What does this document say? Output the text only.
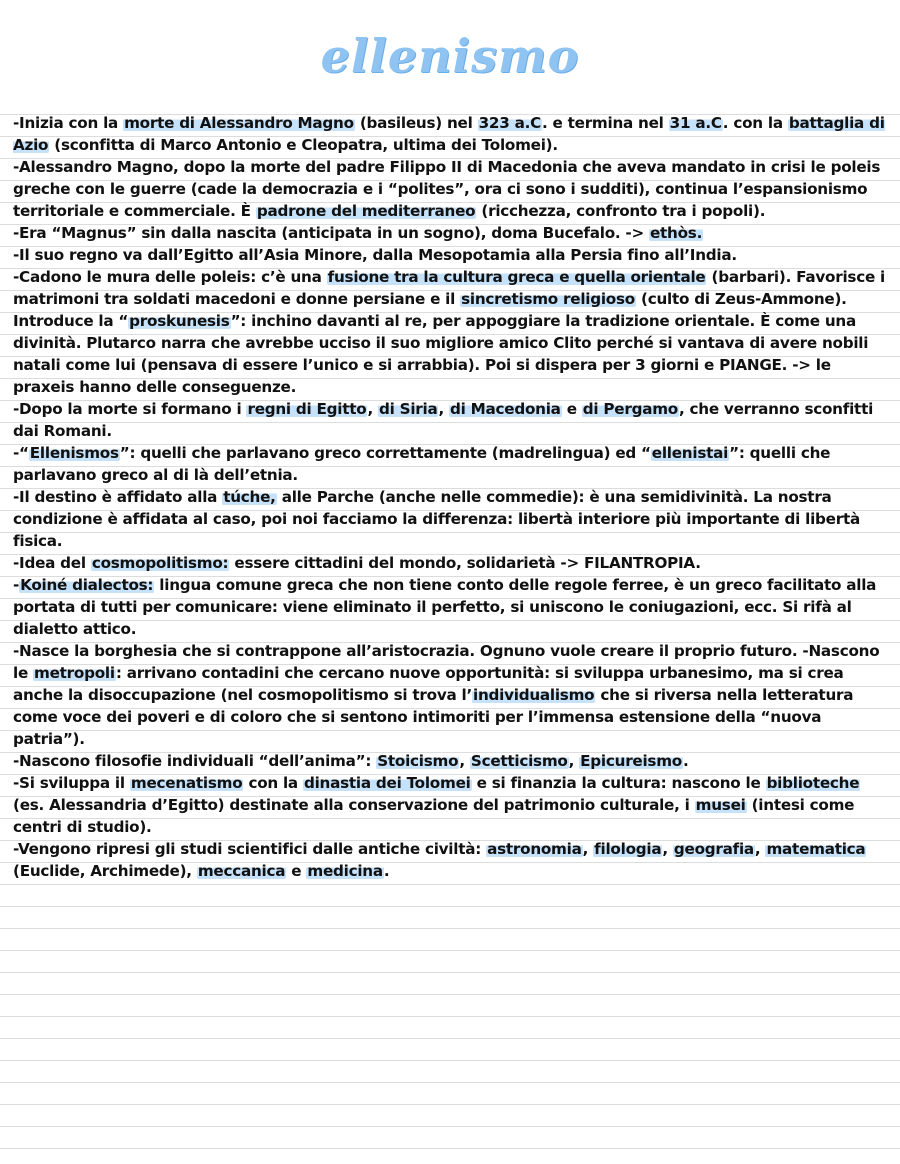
ellenismo

-Inizia con la morte di Alessandro Magno (basileus) nel 323 a.C. e termina nel 31 a.C. con la battaglia di Azio (sconfitta di Marco Antonio e Cleopatra, ultima dei Tolomei).

-Alessandro Magno, dopo la morte del padre Filippo II di Macedonia che aveva mandato in crisi le poleis greche con le guerre (cade la democrazia e i “polites”, ora ci sono i sudditi), continua l’espansionismo territoriale e commerciale. È padrone del mediterraneo (ricchezza, confronto tra i popoli).

-Era “Magnus” sin dalla nascita (anticipata in un sogno), doma Bucefalo. -> ethòs.

-Il suo regno va dall’Egitto all’Asia Minore, dalla Mesopotamia alla Persia fino all’India.

-Cadono le mura delle poleis: c’è una fusione tra la cultura greca e quella orientale (barbari). Favorisce i matrimoni tra soldati macedoni e donne persiane e il sincretismo religioso (culto di Zeus-Ammone). Introduce la “proskunesis”: inchino davanti al re, per appoggiare la tradizione orientale. È come una divinità. Plutarco narra che avrebbe ucciso il suo migliore amico Clito perché si vantava di avere nobili natali come lui (pensava di essere l’unico e si arrabbia). Poi si dispera per 3 giorni e PIANGE. -> le praxeis hanno delle conseguenze.

-Dopo la morte si formano i regni di Egitto, di Siria, di Macedonia e di Pergamo, che verranno sconfitti dai Romani.

-“Ellenismos”: quelli che parlavano greco correttamente (madrelingua) ed “ellenistai”: quelli che parlavano greco al di là dell’etnia.

-Il destino è affidato alla túche, alle Parche (anche nelle commedie): è una semidivinità. La nostra condizione è affidata al caso, poi noi facciamo la differenza: libertà interiore più importante di libertà fisica.

-Idea del cosmopolitismo: essere cittadini del mondo, solidarietà -> FILANTROPIA.

-Koiné dialectos: lingua comune greca che non tiene conto delle regole ferree, è un greco facilitato alla portata di tutti per comunicare: viene eliminato il perfetto, si uniscono le coniugazioni, ecc. Si rifà al dialetto attico.

-Nasce la borghesia che si contrappone all’aristocrazia. Ognuno vuole creare il proprio futuro. -Nascono le metropoli: arrivano contadini che cercano nuove opportunità: si sviluppa urbanesimo, ma si crea anche la disoccupazione (nel cosmopolitismo si trova l’individualismo che si riversa nella letteratura come voce dei poveri e di coloro che si sentono intimoriti per l’immensa estensione della “nuova patria”).

-Nascono filosofie individuali “dell’anima”: Stoicismo, Scetticismo, Epicureismo.

-Si sviluppa il mecenatismo con la dinastia dei Tolomei e si finanzia la cultura: nascono le biblioteche (es. Alessandria d’Egitto) destinate alla conservazione del patrimonio culturale, i musei (intesi come centri di studio).

-Vengono ripresi gli studi scientifici dalle antiche civiltà: astronomia, filologia, geografia, matematica (Euclide, Archimede), meccanica e medicina.
